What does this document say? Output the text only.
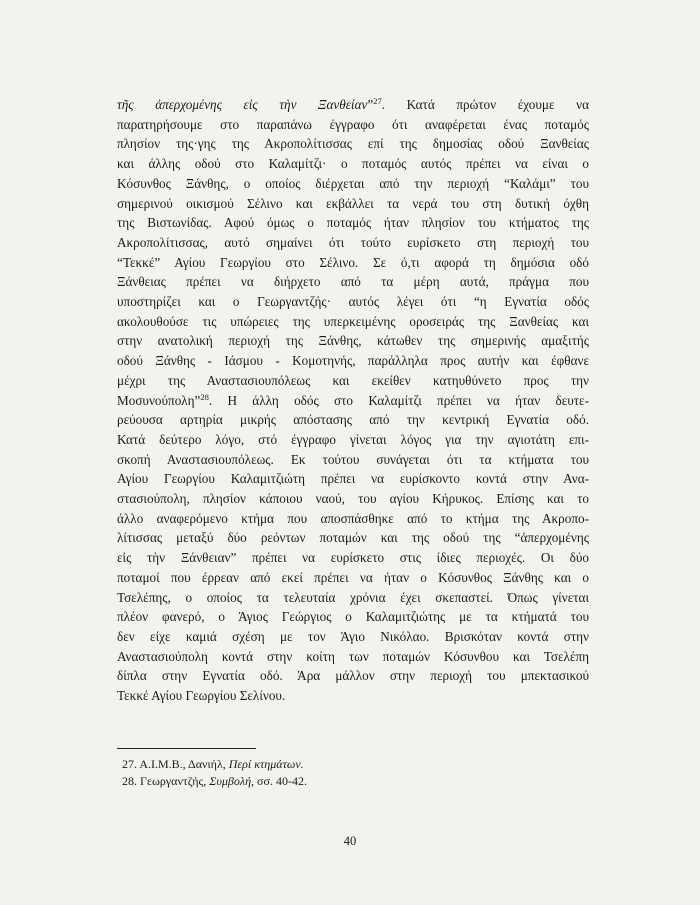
τῆς ἀπερχομένης εἰς τὴν Ξανθείαν”$^{27}$. Κατά πρώτον έχουμε να
παρατηρήσουμε στο παραπάνω έγγραφο ότι αναφέρεται ένας ποταμός
πλησίον της·γης της Ακροπολίτισσας επί της δημοσίας οδού Ξανθείας
και άλλης οδού στο Καλαμίτζι· ο ποταμός αυτός πρέπει να είναι ο
Κόσυνθος Ξάνθης, ο οποίος διέρχεται από την περιοχή “Καλάμι” του
σημερινού οικισμού Σέλινο και εκβάλλει τα νερά του στη δυτική όχθη
της Βιστωνίδας. Αφού όμως ο ποταμός ήταν πλησίον του κτήματος της
Ακροπολίτισσας, αυτό σημαίνει ότι τούτο ευρίσκετο στη περιοχή του
“Τεκκέ” Αγίου Γεωργίου στο Σέλινο. Σε ό,τι αφορά τη δημόσια οδό
Ξάνθειας πρέπει να διήρχετο από τα μέρη αυτά, πράγμα που
υποστηρίζει και ο Γεωργαντζής· αυτός λέγει ότι “η Εγνατία οδός
ακολουθούσε τις υπώρειες της υπερκειμένης οροσειράς της Ξανθείας και
στην ανατολική περιοχή της Ξάνθης, κάτωθεν της σημερινής αμαξιτής
οδού Ξάνθης - Ιάσμου - Κομοτηνής, παράλληλα προς αυτήν και έφθανε
μέχρι της Αναστασιουπόλεως και εκείθεν κατηυθύνετο προς την
Μοσυνούπολη”$^{28}$. Η άλλη οδός στο Καλαμίτζι πρέπει να ήταν δευτε-
ρεύουσα αρτηρία μικρής απόστασης από την κεντρική Εγνατία οδό.
Κατά δεύτερο λόγο, στό έγγραφο γίνεται λόγος για την αγιοτάτη επι-
σκοπή Αναστασιουπόλεως. Εκ τούτου συνάγεται ότι τα κτήματα του
Αγίου Γεωργίου Καλαμιτζιώτη πρέπει να ευρίσκοντο κοντά στην Ανα-
στασιούπολη, πλησίον κάποιου ναού, του αγίου Κήρυκος. Επίσης και το
άλλο αναφερόμενο κτήμα που αποσπάσθηκε από το κτήμα της Ακροπο-
λίτισσας μεταξύ δύο ρεόντων ποταμών και της οδού της “ἀπερχομένης
εἰς τὴν Ξάνθειαν” πρέπει να ευρίσκετο στις ίδιες περιοχές. Οι δύο
ποταμοί που έρρεαν από εκεί πρέπει να ήταν ο Κόσυνθος Ξάνθης και ο
Τσελέπης, ο οποίος τα τελευταία χρόνια έχει σκεπαστεί. Όπως γίνεται
πλέον φανερό, ο Άγιος Γεώργιος ο Καλαμιτζιώτης με τα κτήματά του
δεν είχε καμιά σχέση με τον Άγιο Νικόλαο. Βρισκόταν κοντά στην
Αναστασιούπολη κοντά στην κοίτη των ποταμών Κόσυνθου και Τσελέπη
δίπλα στην Εγνατία οδό. Άρα μάλλον στην περιοχή του μπεκτασικού
Τεκκέ Αγίου Γεωργίου Σελίνου.
27. Α.Ι.Μ.Β., Δανιήλ, Περί κτημάτων.
28. Γεωργαντζής, Συμβολή, σσ. 40-42.
40
